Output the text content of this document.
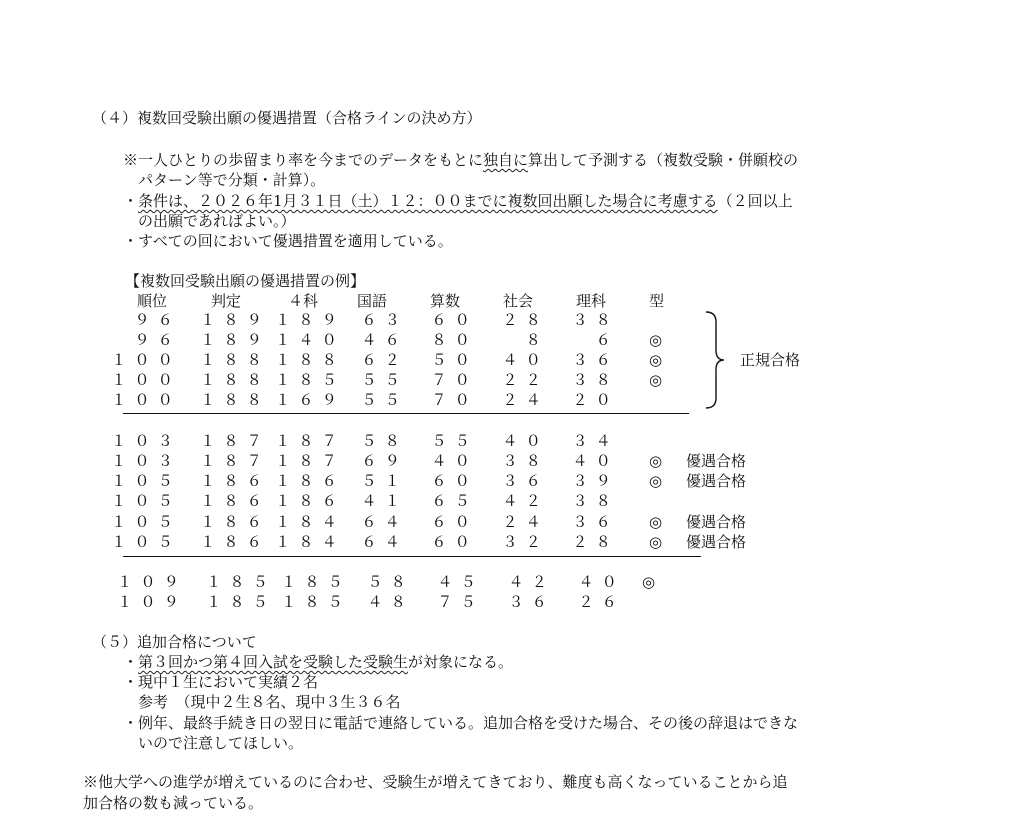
（４）複数回受験出願の優遇措置（合格ラインの決め方）
※一人ひとりの歩留まり率を今までのデータをもとに独自に算出して予測する（複数受験・併願校の
パターン等で分類・計算）。
・条件は、２０２６年1月３１日（土）１２：００までに複数回出願した場合に考慮する（２回以上
の出願であればよい。）
・すべての回において優遇措置を適用している。
【複数回受験出願の優遇措置の例】
順位	判定	４科	国語	算数	社会	理科	型
９６ １８９ １８９ ６３ ６０ ２８ ３８
９６ １８９ １４０ ４６ ８０	８	６ ◎
１００ １８８ １８８ ６２ ５０ ４０ ３６ ◎
１００ １８８ １８５ ５５ ７０ ２２ ３８ ◎
１００ １８８ １６９ ５５ ７０ ２４ ２０
１０３ １８７ １８７ ５８ ５５ ４０ ３４
１０３ １８７ １８７ ６９ ４０ ３８ ４０ ◎ 優遇合格
１０５ １８６ １８６ ５１ ６０ ３６ ３９ ◎ 優遇合格
１０５ １８６ １８６ ４１ ６５ ４２ ３８
１０５ １８６ １８４ ６４ ６０ ２４ ３６ ◎ 優遇合格
１０５ １８６ １８４ ６４ ６０ ３２ ２８ ◎ 優遇合格
１０９ １８５ １８５ ５８ ４５ ４２ ４０ ◎
１０９ １８５ １８５ ４８ ７５ ３６ ２６
正規合格
（５）追加合格について
・第３回かつ第４回入試を受験した受験生が対象になる。
・現中１生において実績２名
参考　（現中２生８名、現中３生３６名
・例年、最終手続き日の翌日に電話で連絡している。追加合格を受けた場合、その後の辞退はできな
いので注意してほしい。
※他大学への進学が増えているのに合わせ、受験生が増えてきており、難度も高くなっていることから追
加合格の数も減っている。
